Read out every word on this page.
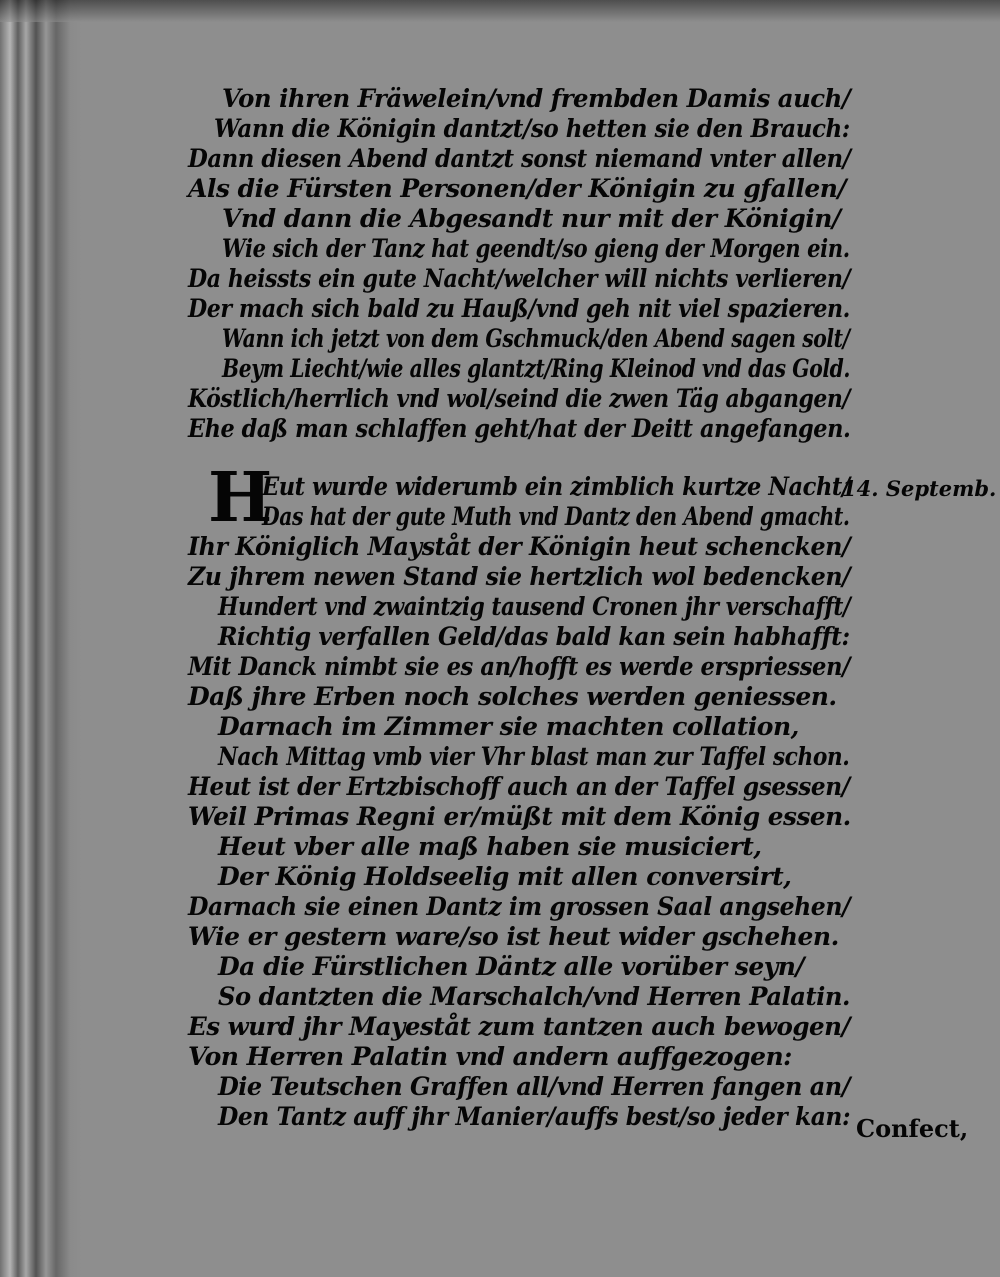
Von ihren Fräwelein/vnd frembden Damis auch/
Wann die Königin dantzt/so hetten sie den Brauch:
Dann diesen Abend dantzt sonst niemand vnter allen/
Als die Fürsten Personen/der Königin zu gfallen/
Vnd dann die Abgesandt nur mit der Königin/
Wie sich der Tanz hat geendt/so gieng der Morgen ein.
Da heissts ein gute Nacht/welcher will nichts verlieren/
Der mach sich bald zu Hauß/vnd geh nit viel spazieren.
Wann ich jetzt von dem Gschmuck/den Abend sagen solt/
Beym Liecht/wie alles glantzt/Ring Kleinod vnd das Gold.
Köstlich/herrlich vnd wol/seind die zwen Täg abgangen/
Ehe daß man schlaffen geht/hat der Deitt angefangen.
H	14. Septemb.
Eut wurde widerumb ein zimblich kurtze Nacht/
Das hat der gute Muth vnd Dantz den Abend gmacht.
Ihr Königlich Mayståt der Königin heut schencken/
Zu jhrem newen Stand sie hertzlich wol bedencken/
Hundert vnd zwaintzig tausend Cronen jhr verschafft/
Richtig verfallen Geld/das bald kan sein habhafft:
Mit Danck nimbt sie es an/hofft es werde erspriessen/
Daß jhre Erben noch solches werden geniessen.
Darnach im Zimmer sie machten collation,
Nach Mittag vmb vier Vhr blast man zur Taffel schon.
Heut ist der Ertzbischoff auch an der Taffel gsessen/
Weil Primas Regni er/müßt mit dem König essen.
Heut vber alle maß haben sie musiciert,
Der König Holdseelig mit allen conversirt,
Darnach sie einen Dantz im grossen Saal angsehen/
Wie er gestern ware/so ist heut wider gschehen.
Da die Fürstlichen Däntz alle vorüber seyn/
So dantzten die Marschalch/vnd Herren Palatin.
Es wurd jhr Mayeståt zum tantzen auch bewogen/
Von Herren Palatin vnd andern auffgezogen:
Die Teutschen Graffen all/vnd Herren fangen an/
Den Tantz auff jhr Manier/auffs best/so jeder kan: Confect,
